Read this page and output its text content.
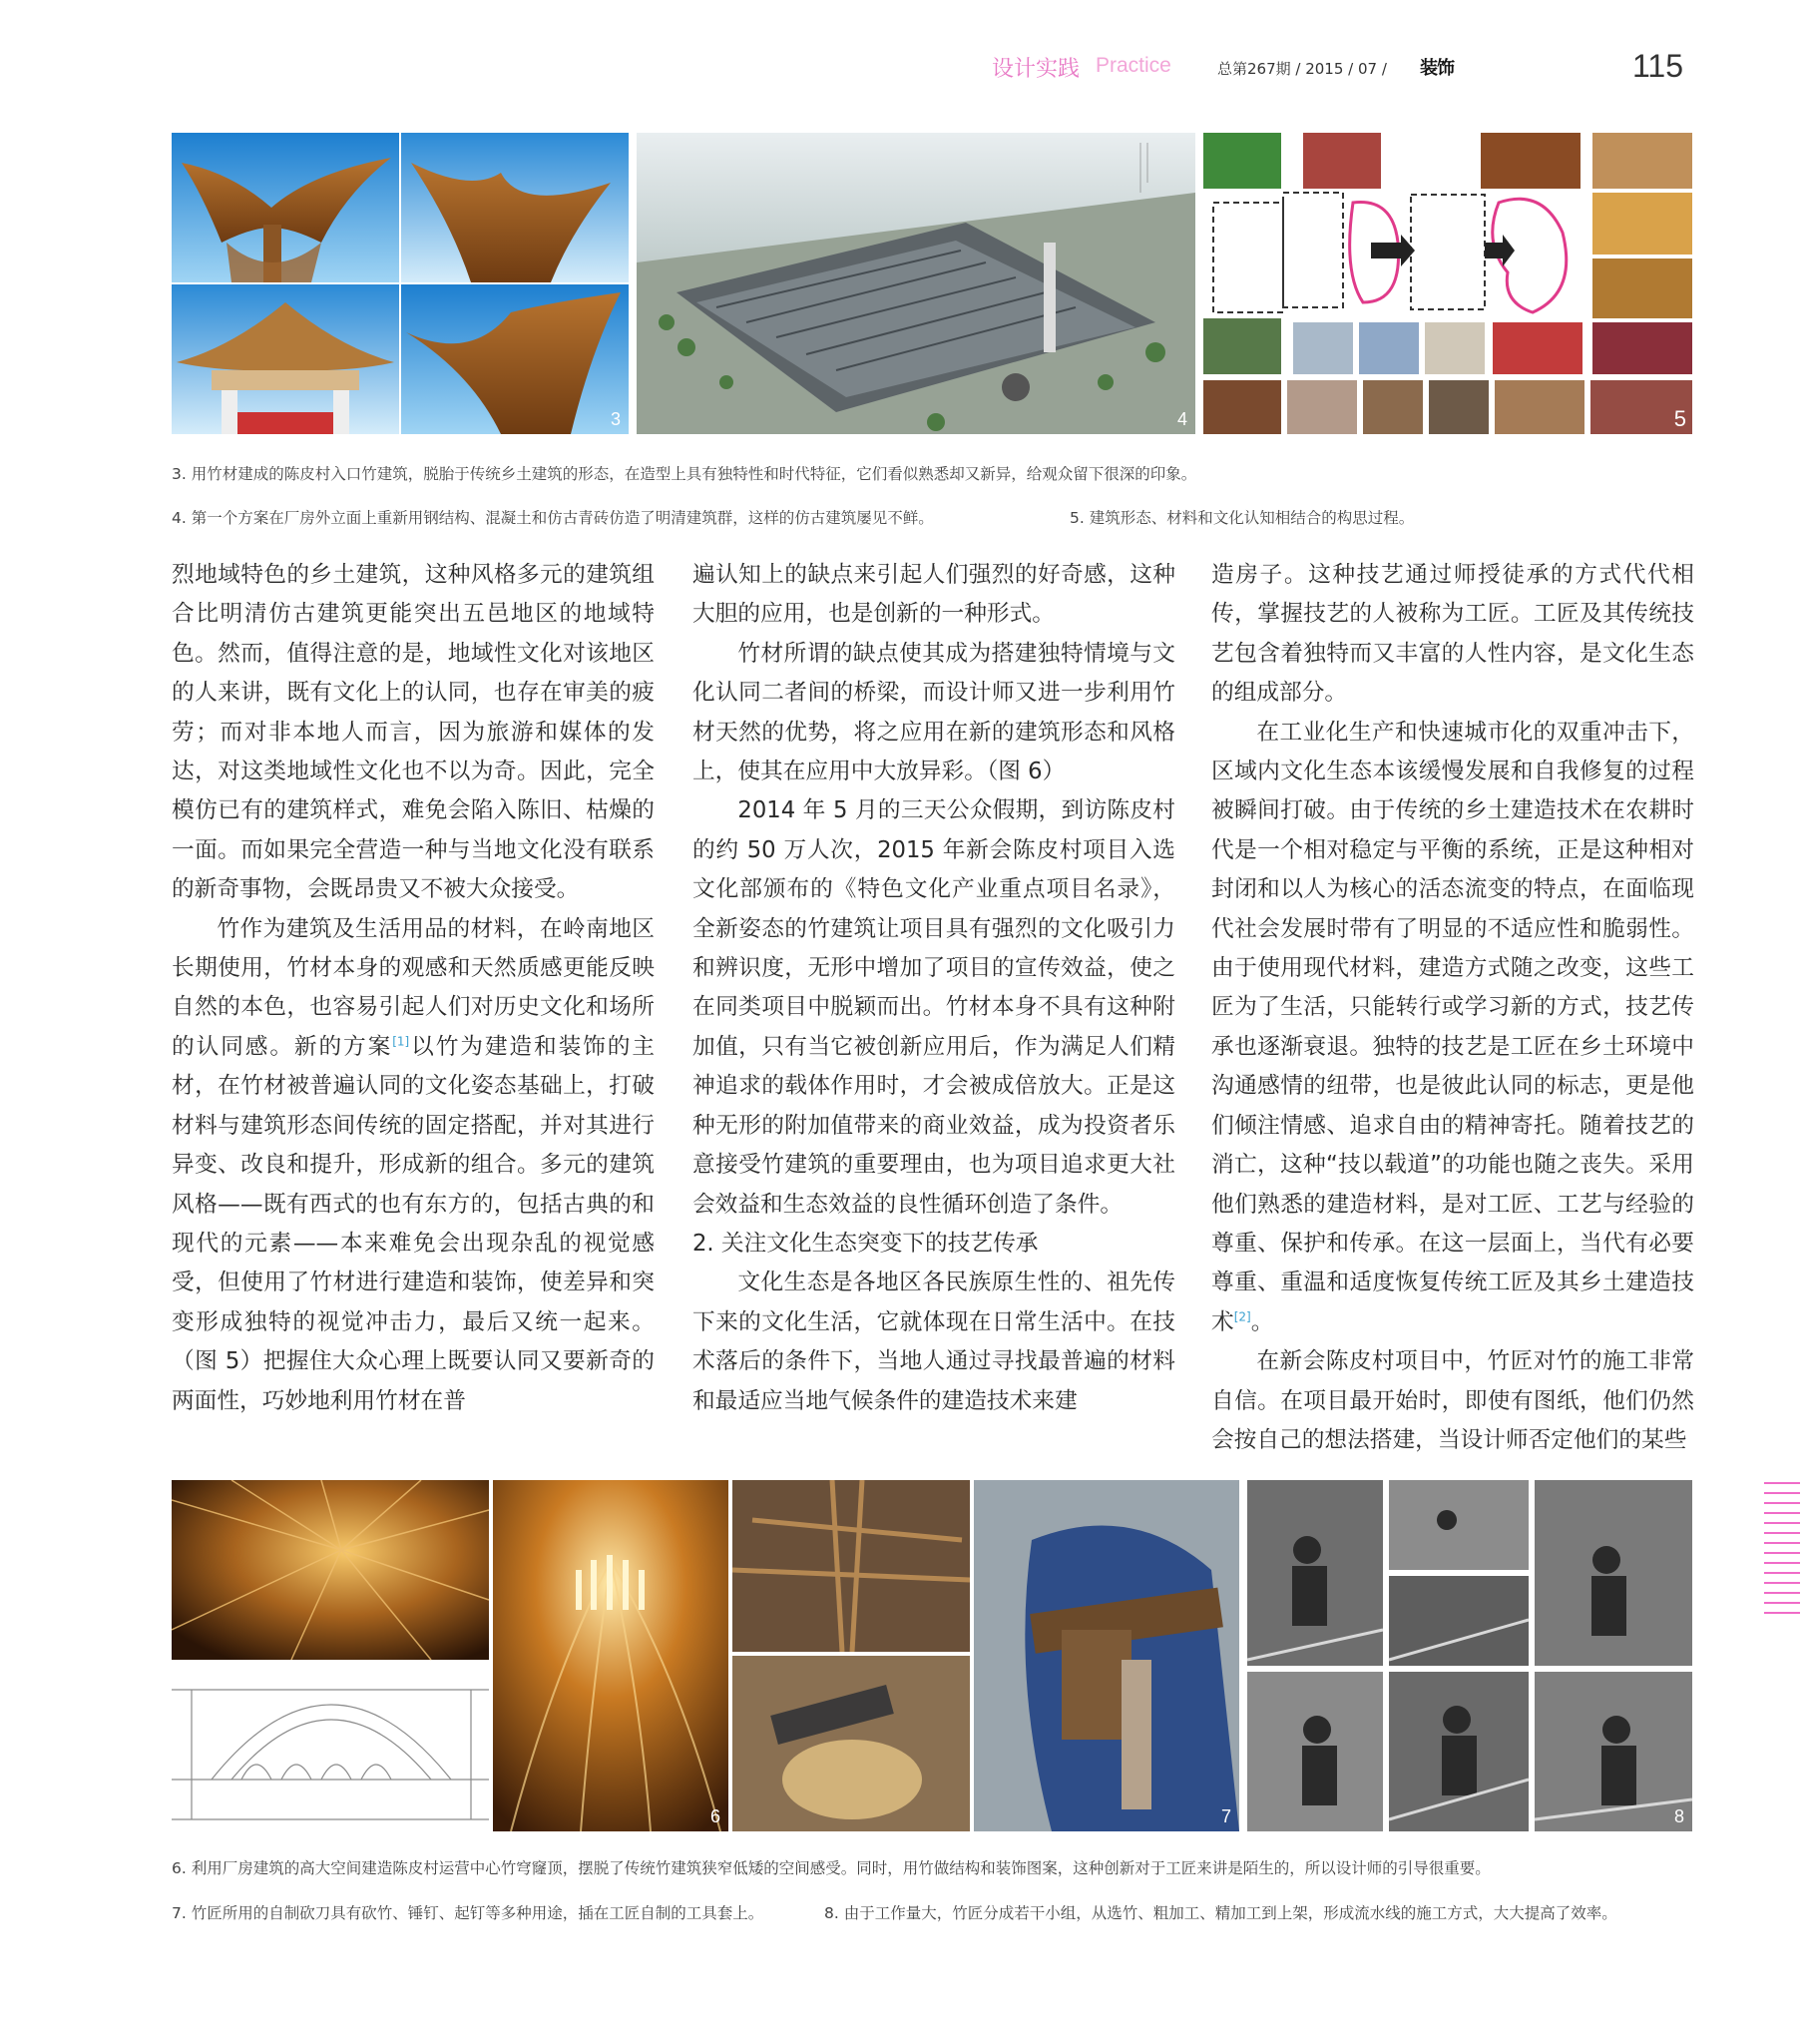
设计实践 Practice	总第267期 / 2015 / 07 / 装饰	115
3	4	5
3. 用竹材建成的陈皮村入口竹建筑，脱胎于传统乡土建筑的形态，在造型上具有独特性和时代特征，它们看似熟悉却又新异，给观众留下很深的印象。
4. 第一个方案在厂房外立面上重新用钢结构、混凝土和仿古青砖仿造了明清建筑群，这样的仿古建筑屡见不鲜。	5. 建筑形态、材料和文化认知相结合的构思过程。

烈地域特色的乡土建筑，这种风格多元的建筑组合比明清仿古建筑更能突出五邑地区的地域特色。然而，值得注意的是，地域性文化对该地区的人来讲，既有文化上的认同，也存在审美的疲劳；而对非本地人而言，因为旅游和媒体的发达，对这类地域性文化也不以为奇。因此，完全模仿已有的建筑样式，难免会陷入陈旧、枯燥的一面。而如果完全营造一种与当地文化没有联系的新奇事物，会既昂贵又不被大众接受。

竹作为建筑及生活用品的材料，在岭南地区长期使用，竹材本身的观感和天然质感更能反映自然的本色，也容易引起人们对历史文化和场所的认同感。新的方案[1]以竹为建造和装饰的主材，在竹材被普遍认同的文化姿态基础上，打破材料与建筑形态间传统的固定搭配，并对其进行异变、改良和提升，形成新的组合。多元的建筑风格——既有西式的也有东方的，包括古典的和现代的元素——本来难免会出现杂乱的视觉感受，但使用了竹材进行建造和装饰，使差异和突变形成独特的视觉冲击力，最后又统一起来。（图 5）把握住大众心理上既要认同又要新奇的两面性，巧妙地利用竹材在普

遍认知上的缺点来引起人们强烈的好奇感，这种大胆的应用，也是创新的一种形式。

竹材所谓的缺点使其成为搭建独特情境与文化认同二者间的桥梁，而设计师又进一步利用竹材天然的优势，将之应用在新的建筑形态和风格上，使其在应用中大放异彩。（图 6）

2014 年 5 月的三天公众假期，到访陈皮村的约 50 万人次，2015 年新会陈皮村项目入选文化部颁布的《特色文化产业重点项目名录》，全新姿态的竹建筑让项目具有强烈的文化吸引力和辨识度，无形中增加了项目的宣传效益，使之在同类项目中脱颖而出。竹材本身不具有这种附加值，只有当它被创新应用后，作为满足人们精神追求的载体作用时，才会被成倍放大。正是这种无形的附加值带来的商业效益，成为投资者乐意接受竹建筑的重要理由，也为项目追求更大社会效益和生态效益的良性循环创造了条件。

2. 关注文化生态突变下的技艺传承

文化生态是各地区各民族原生性的、祖先传下来的文化生活，它就体现在日常生活中。在技术落后的条件下，当地人通过寻找最普遍的材料和最适应当地气候条件的建造技术来建

造房子。这种技艺通过师授徒承的方式代代相传，掌握技艺的人被称为工匠。工匠及其传统技艺包含着独特而又丰富的人性内容，是文化生态的组成部分。

在工业化生产和快速城市化的双重冲击下，区域内文化生态本该缓慢发展和自我修复的过程被瞬间打破。由于传统的乡土建造技术在农耕时代是一个相对稳定与平衡的系统，正是这种相对封闭和以人为核心的活态流变的特点，在面临现代社会发展时带有了明显的不适应性和脆弱性。由于使用现代材料，建造方式随之改变，这些工匠为了生活，只能转行或学习新的方式，技艺传承也逐渐衰退。独特的技艺是工匠在乡土环境中沟通感情的纽带，也是彼此认同的标志，更是他们倾注情感、追求自由的精神寄托。随着技艺的消亡，这种“技以载道”的功能也随之丧失。采用他们熟悉的建造材料，是对工匠、工艺与经验的尊重、保护和传承。在这一层面上，当代有必要尊重、重温和适度恢复传统工匠及其乡土建造技术[2]。

在新会陈皮村项目中，竹匠对竹的施工非常自信。在项目最开始时，即使有图纸，他们仍然会按自己的想法搭建，当设计师否定他们的某些

6	7	8
6. 利用厂房建筑的高大空间建造陈皮村运营中心竹穹窿顶，摆脱了传统竹建筑狭窄低矮的空间感受。同时，用竹做结构和装饰图案，这种创新对于工匠来讲是陌生的，所以设计师的引导很重要。
7. 竹匠所用的自制砍刀具有砍竹、锤钉、起钉等多种用途，插在工匠自制的工具套上。	8. 由于工作量大，竹匠分成若干小组，从选竹、粗加工、精加工到上架，形成流水线的施工方式，大大提高了效率。
